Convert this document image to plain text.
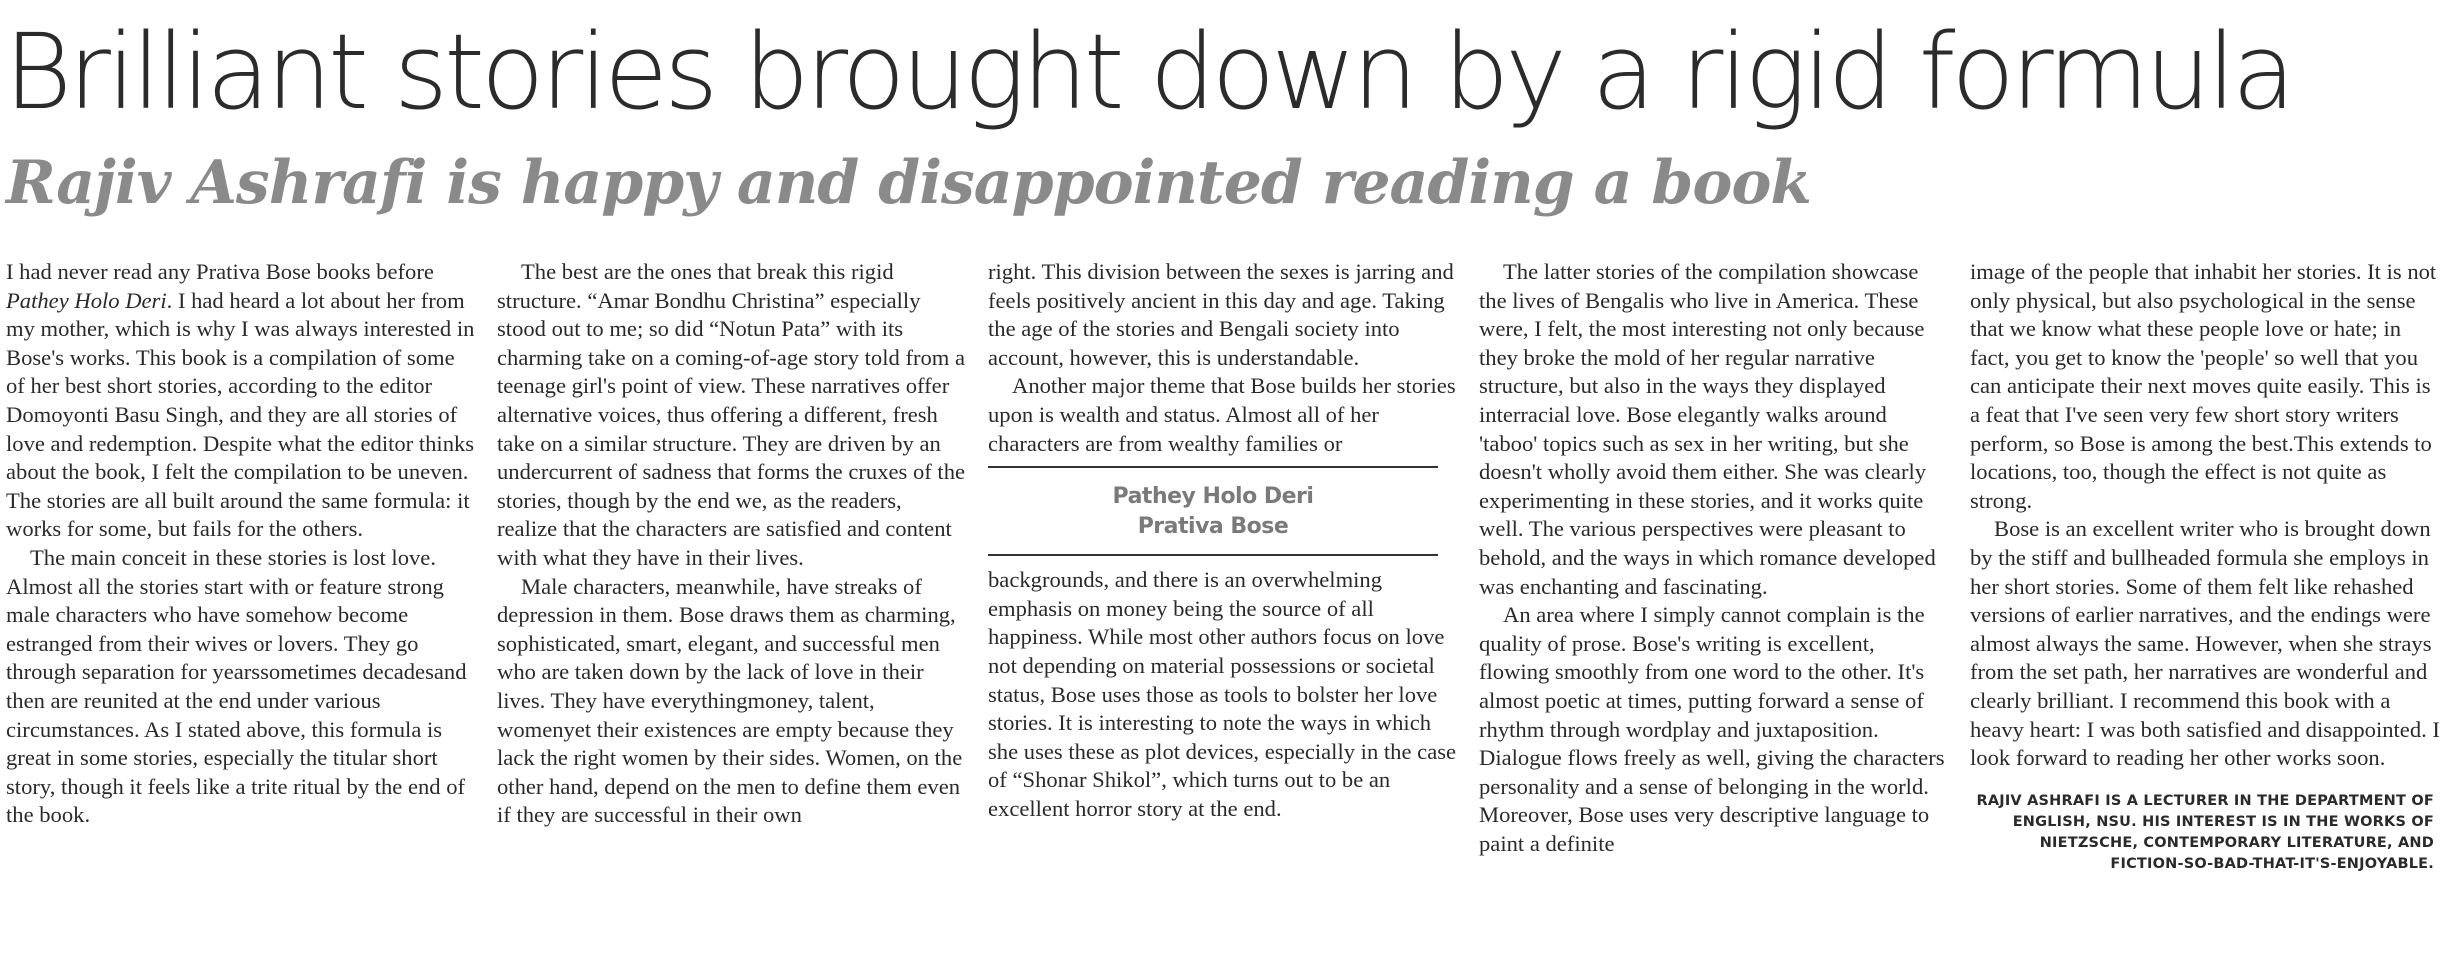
Brilliant stories brought down by a rigid formula
Rajiv Ashrafi is happy and disappointed reading a book

I had never read any Prativa Bose books before Pathey Holo Deri. I had heard a lot about her from my mother, which is why I was always interested in Bose's works. This book is a compilation of some of her best short stories, according to the editor Domoyonti Basu Singh, and they are all stories of love and redemption. Despite what the editor thinks about the book, I felt the compilation to be uneven. The stories are all built around the same formula: it works for some, but fails for the others.

The main conceit in these stories is lost love. Almost all the stories start with or feature strong male characters who have somehow become estranged from their wives or lovers. They go through separation for yearssometimes decadesand then are reunited at the end under various circumstances. As I stated above, this formula is great in some stories, especially the titular short story, though it feels like a trite ritual by the end of the book.

The best are the ones that break this rigid structure. “Amar Bondhu Christina” especially stood out to me; so did “Notun Pata” with its charming take on a coming-of-age story told from a teenage girl's point of view. These narratives offer alternative voices, thus offering a different, fresh take on a similar structure. They are driven by an undercurrent of sadness that forms the cruxes of the stories, though by the end we, as the readers, realize that the characters are satisfied and content with what they have in their lives.

Male characters, meanwhile, have streaks of depression in them. Bose draws them as charming, sophisticated, smart, elegant, and successful men who are taken down by the lack of love in their lives. They have everythingmoney, talent, womenyet their existences are empty because they lack the right women by their sides. Women, on the other hand, depend on the men to define them even if they are successful in their own

right. This division between the sexes is jarring and feels positively ancient in this day and age. Taking the age of the stories and Bengali society into account, however, this is understandable.

Another major theme that Bose builds her stories upon is wealth and status. Almost all of her characters are from wealthy families or

Pathey Holo Deri
Prativa Bose

backgrounds, and there is an overwhelming emphasis on money being the source of all happiness. While most other authors focus on love not depending on material possessions or societal status, Bose uses those as tools to bolster her love stories. It is interesting to note the ways in which she uses these as plot devices, especially in the case of “Shonar Shikol”, which turns out to be an excellent horror story at the end.

The latter stories of the compilation showcase the lives of Bengalis who live in America. These were, I felt, the most interesting not only because they broke the mold of her regular narrative structure, but also in the ways they displayed interracial love. Bose elegantly walks around 'taboo' topics such as sex in her writing, but she doesn't wholly avoid them either. She was clearly experimenting in these stories, and it works quite well. The various perspectives were pleasant to behold, and the ways in which romance developed was enchanting and fascinating.

An area where I simply cannot complain is the quality of prose. Bose's writing is excellent, flowing smoothly from one word to the other. It's almost poetic at times, putting forward a sense of rhythm through wordplay and juxtaposition. Dialogue flows freely as well, giving the characters personality and a sense of belonging in the world. Moreover, Bose uses very descriptive language to paint a definite

image of the people that inhabit her stories. It is not only physical, but also psychological in the sense that we know what these people love or hate; in fact, you get to know the 'people' so well that you can anticipate their next moves quite easily. This is a feat that I've seen very few short story writers perform, so Bose is among the best.This extends to locations, too, though the effect is not quite as strong.

Bose is an excellent writer who is brought down by the stiff and bullheaded formula she employs in her short stories. Some of them felt like rehashed versions of earlier narratives, and the endings were almost always the same. However, when she strays from the set path, her narratives are wonderful and clearly brilliant. I recommend this book with a heavy heart: I was both satisfied and disappointed. I look forward to reading her other works soon.

RAJIV ASHRAFI IS A LECTURER IN THE DEPARTMENT OF ENGLISH, NSU. HIS INTEREST IS IN THE WORKS OF NIETZSCHE, CONTEMPORARY LITERATURE, AND FICTION-SO-BAD-THAT-IT'S-ENJOYABLE.
